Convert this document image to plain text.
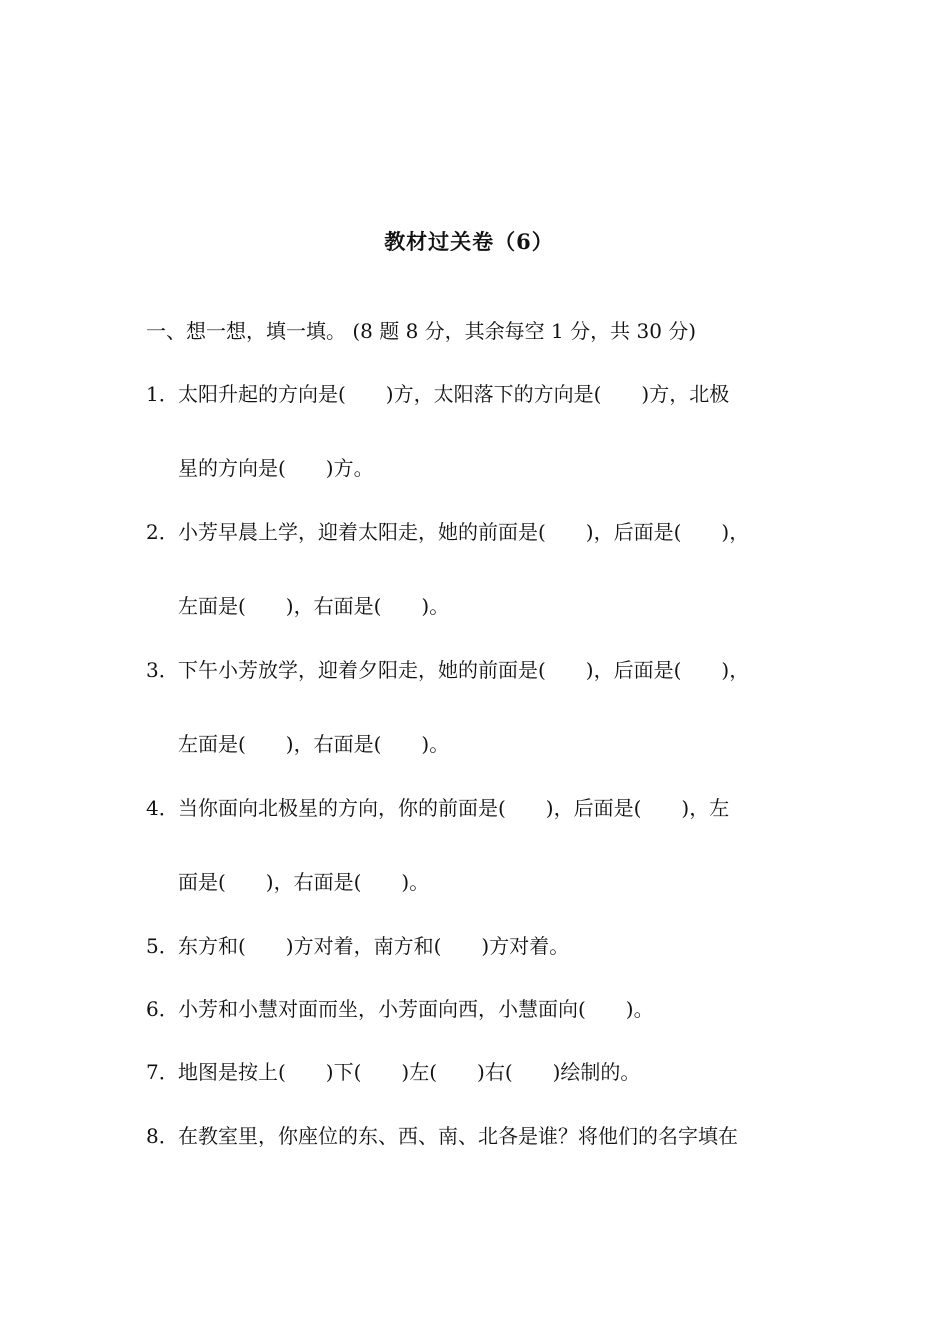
教材过关卷（6）
一、想一想，填一填。 (8 题 8 分，其余每空 1 分，共 30 分)
1．太阳升起的方向是(　　)方，太阳落下的方向是(　　)方，北极
星的方向是(　　)方。
2．小芳早晨上学，迎着太阳走，她的前面是(　　)，后面是(　　)，
左面是(　　)，右面是(　　)。
3．下午小芳放学，迎着夕阳走，她的前面是(　　)，后面是(　　)，
左面是(　　)，右面是(　　)。
4．当你面向北极星的方向，你的前面是(　　)，后面是(　　)，左
面是(　　)，右面是(　　)。
5．东方和(　　)方对着，南方和(　　)方对着。
6．小芳和小慧对面而坐，小芳面向西，小慧面向(　　)。
7．地图是按上(　　)下(　　)左(　　)右(　　)绘制的。
8．在教室里，你座位的东、西、南、北各是谁？将他们的名字填在
